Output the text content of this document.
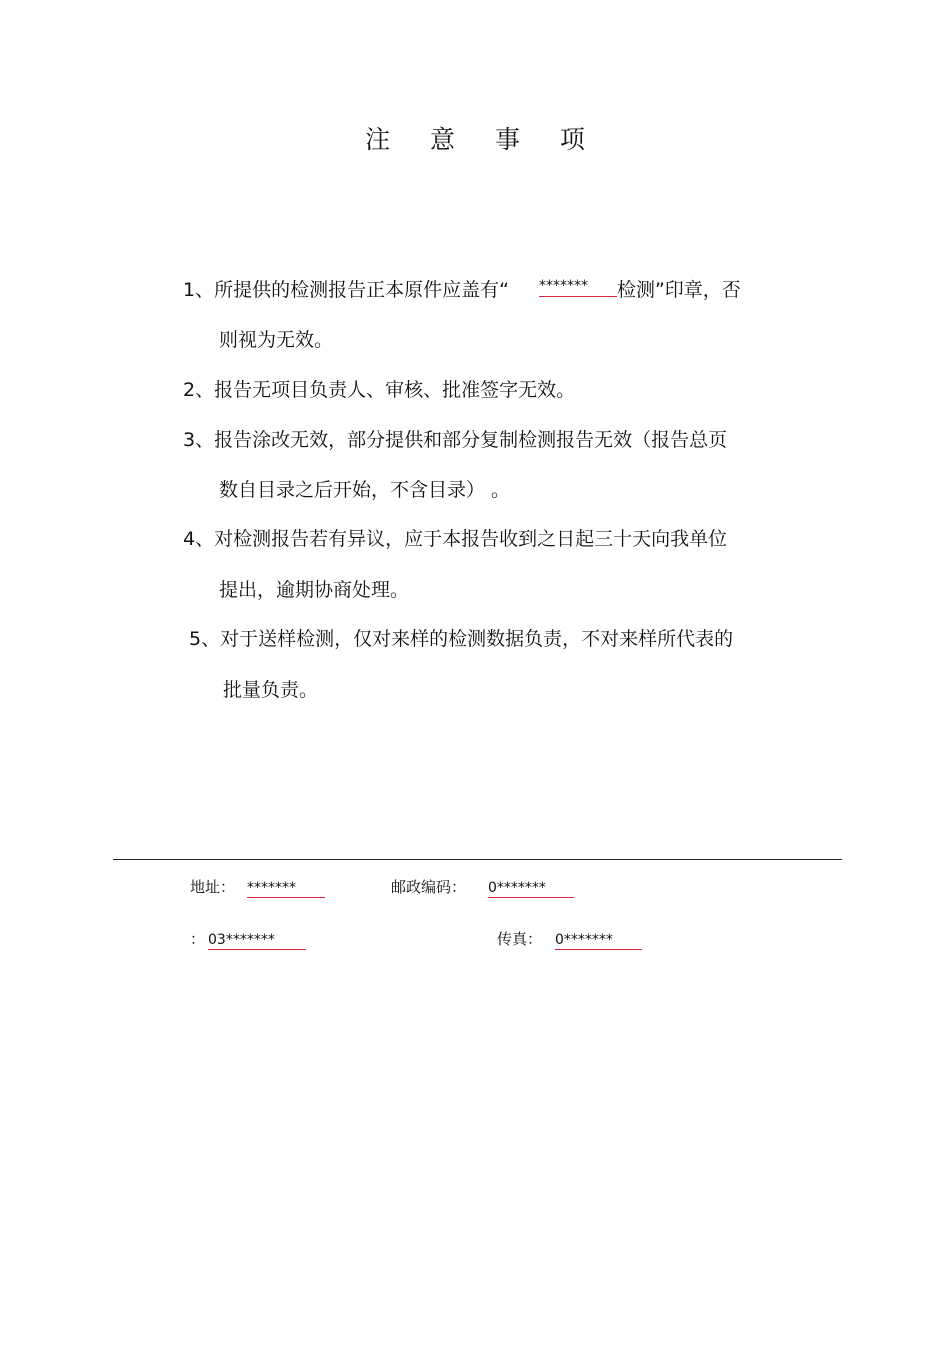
注 意 事 项
1、所提供的检测报告正本原件应盖有“ ******* 检测”印章，否
则视为无效。
2、报告无项目负责人、审核、批准签字无效。
3、报告涂改无效，部分提供和部分复制检测报告无效（报告总页
数自目录之后开始，不含目录） 。
4、对检测报告若有异议，应于本报告收到之日起三十天向我单位
提出，逾期协商处理。
5、对于送样检测，仅对来样的检测数据负责，不对来样所代表的
批量负责。
地址： *******	邮政编码： 0*******
： 03*******	传真： 0*******
